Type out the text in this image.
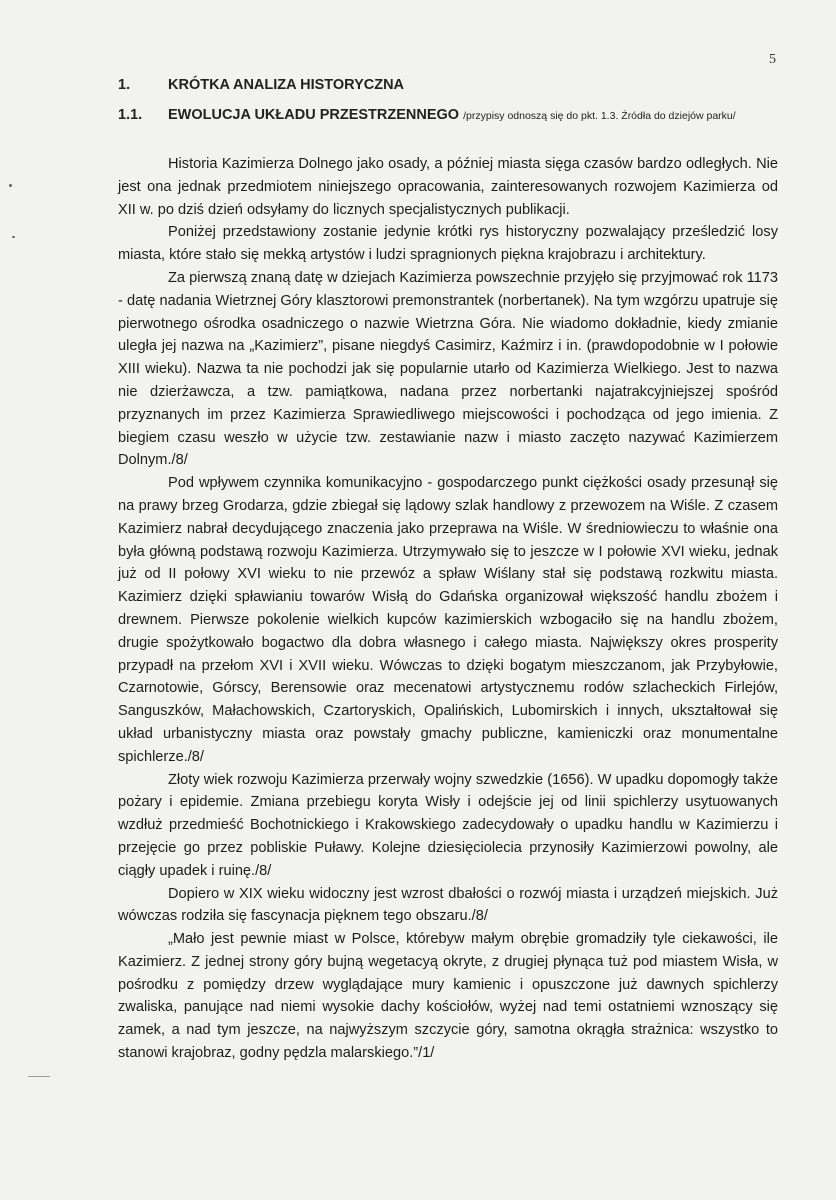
5
1.	KRÓTKA ANALIZA HISTORYCZNA
1.1. EWOLUCJA UKŁADU PRZESTRZENNEGO /przypisy odnoszą się do pkt. 1.3. Źródła do dziejów parku/

Historia Kazimierza Dolnego jako osady, a później miasta sięga czasów bardzo odległych. Nie jest ona jednak przedmiotem niniejszego opracowania, zainteresowanych rozwojem Kazimierza od XII w. po dziś dzień odsyłamy do licznych specjalistycznych publikacji.

Poniżej przedstawiony zostanie jedynie krótki rys historyczny pozwalający prześledzić losy miasta, które stało się mekką artystów i ludzi spragnionych piękna krajobrazu i architektury.

Za pierwszą znaną datę w dziejach Kazimierza powszechnie przyjęło się przyjmować rok 1173 - datę nadania Wietrznej Góry klasztorowi premonstrantek (norbertanek). Na tym wzgórzu upatruje się pierwotnego ośrodka osadniczego o nazwie Wietrzna Góra. Nie wiadomo dokładnie, kiedy zmianie uległa jej nazwa na „Kazimierz”, pisane niegdyś Casimirz, Kaźmirz i in. (prawdopodobnie w I połowie XIII wieku). Nazwa ta nie pochodzi jak się popularnie utarło od Kazimierza Wielkiego. Jest to nazwa nie dzierżawcza, a tzw. pamiątkowa, nadana przez norbertanki najatrakcyjniejszej spośród przyznanych im przez Kazimierza Sprawiedliwego miejscowości i pochodząca od jego imienia. Z biegiem czasu weszło w użycie tzw. zestawianie nazw i miasto zaczęto nazywać Kazimierzem Dolnym./8/

Pod wpływem czynnika komunikacyjno - gospodarczego punkt ciężkości osady przesunął się na prawy brzeg Grodarza, gdzie zbiegał się lądowy szlak handlowy z przewozem na Wiśle. Z czasem Kazimierz nabrał decydującego znaczenia jako przeprawa na Wiśle. W średniowieczu to właśnie ona była główną podstawą rozwoju Kazimierza. Utrzymywało się to jeszcze w I połowie XVI wieku, jednak już od II połowy XVI wieku to nie przewóz a spław Wiślany stał się podstawą rozkwitu miasta. Kazimierz dzięki spławianiu towarów Wisłą do Gdańska organizował większość handlu zbożem i drewnem. Pierwsze pokolenie wielkich kupców kazimierskich wzbogaciło się na handlu zbożem, drugie spożytkowało bogactwo dla dobra własnego i całego miasta. Największy okres prosperity przypadł na przełom XVI i XVII wieku. Wówczas to dzięki bogatym mieszczanom, jak Przybyłowie, Czarnotowie, Górscy, Berensowie oraz mecenatowi artystycznemu rodów szlacheckich Firlejów, Sanguszków, Małachowskich, Czartoryskich, Opalińskich, Lubomirskich i innych, ukształtował się układ urbanistyczny miasta oraz powstały gmachy publiczne, kamieniczki oraz monumentalne spichlerze./8/

Złoty wiek rozwoju Kazimierza przerwały wojny szwedzkie (1656). W upadku dopomogły także pożary i epidemie. Zmiana przebiegu koryta Wisły i odejście jej od linii spichlerzy usytuowanych wzdłuż przedmieść Bochotnickiego i Krakowskiego zadecydowały o upadku handlu w Kazimierzu i przejęcie go przez pobliskie Puławy. Kolejne dziesięciolecia przynosiły Kazimierzowi powolny, ale ciągły upadek i ruinę./8/

Dopiero w XIX wieku widoczny jest wzrost dbałości o rozwój miasta i urządzeń miejskich. Już wówczas rodziła się fascynacja pięknem tego obszaru./8/

„Mało jest pewnie miast w Polsce, którebyw małym obrębie gromadziły tyle ciekawości, ile Kazimierz. Z jednej strony góry bujną wegetacyą okryte, z drugiej płynąca tuż pod miastem Wisła, w pośrodku z pomiędzy drzew wyglądające mury kamienic i opuszczone już dawnych spichlerzy zwaliska, panujące nad niemi wysokie dachy kościołów, wyżej nad temi ostatniemi wznoszący się zamek, a nad tym jeszcze, na najwyższym szczycie góry, samotna okrągła strażnica: wszystko to stanowi krajobraz, godny pędzla malarskiego.”/1/
